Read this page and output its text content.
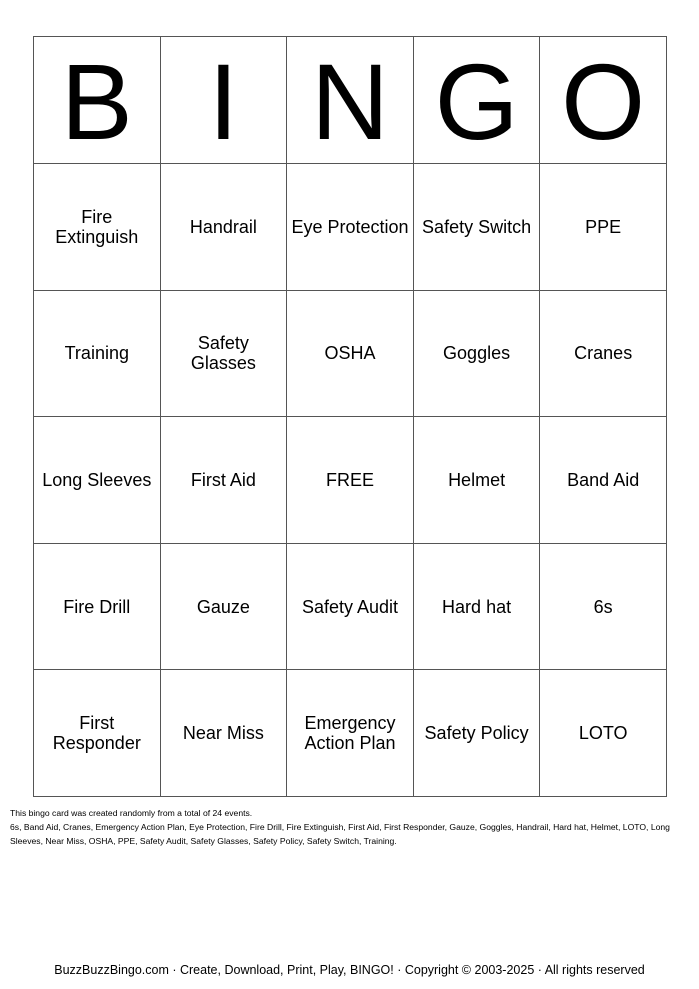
B	I	N	G	O
Fire Extinguish	Handrail	Eye Protection	Safety Switch	PPE
Training	Safety Glasses	OSHA	Goggles	Cranes
Long Sleeves	First Aid	FREE	Helmet	Band Aid
Fire Drill	Gauze	Safety Audit	Hard hat	6s
First Responder	Near Miss	Emergency Action Plan	Safety Policy	LOTO

This bingo card was created randomly from a total of 24 events.

6s, Band Aid, Cranes, Emergency Action Plan, Eye Protection, Fire Drill, Fire Extinguish, First Aid, First Responder, Gauze, Goggles, Handrail, Hard hat, Helmet, LOTO, Long Sleeves, Near Miss, OSHA, PPE, Safety Audit, Safety Glasses, Safety Policy, Safety Switch, Training.

BuzzBuzzBingo.com · Create, Download, Print, Play, BINGO! · Copyright © 2003-2025 · All rights reserved
